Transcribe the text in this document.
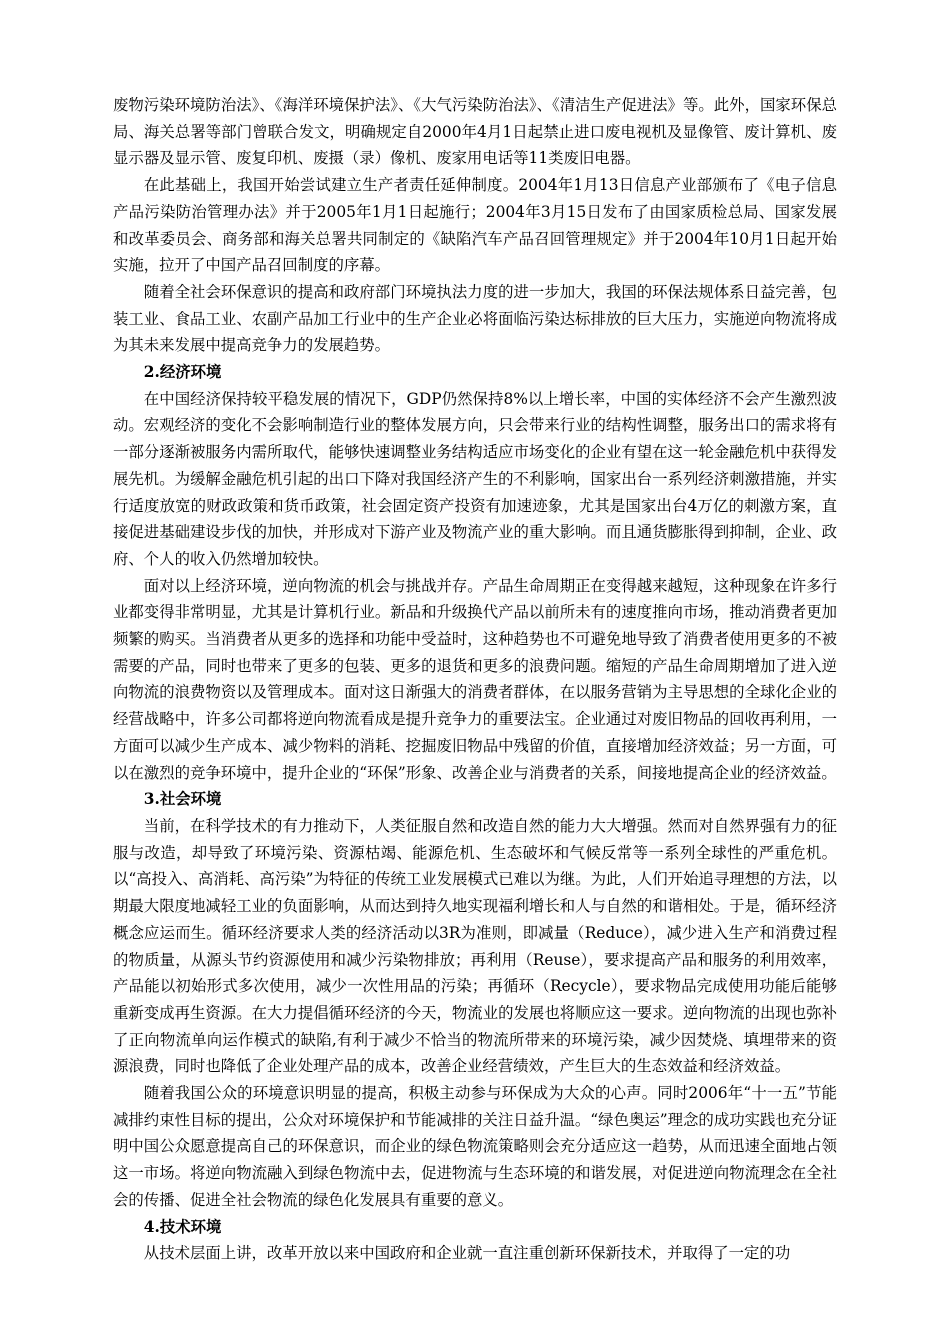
废物污染环境防治法》、《海洋环境保护法》、《大气污染防治法》、《清洁生产促进法》等。此外，国家环保总局、海关总署等部门曾联合发文，明确规定自2000年4月1日起禁止进口废电视机及显像管、废计算机、废显示器及显示管、废复印机、废摄（录）像机、废家用电话等11类废旧电器。

在此基础上，我国开始尝试建立生产者责任延伸制度。2004年1月13日信息产业部颁布了《电子信息产品污染防治管理办法》并于2005年1月1日起施行；2004年3月15日发布了由国家质检总局、国家发展和改革委员会、商务部和海关总署共同制定的《缺陷汽车产品召回管理规定》并于2004年10月1日起开始实施，拉开了中国产品召回制度的序幕。

随着全社会环保意识的提高和政府部门环境执法力度的进一步加大，我国的环保法规体系日益完善，包装工业、食品工业、农副产品加工行业中的生产企业必将面临污染达标排放的巨大压力，实施逆向物流将成为其未来发展中提高竞争力的发展趋势。

2.经济环境

在中国经济保持较平稳发展的情况下，GDP仍然保持8%以上增长率，中国的实体经济不会产生激烈波动。宏观经济的变化不会影响制造行业的整体发展方向，只会带来行业的结构性调整，服务出口的需求将有一部分逐渐被服务内需所取代，能够快速调整业务结构适应市场变化的企业有望在这一轮金融危机中获得发展先机。为缓解金融危机引起的出口下降对我国经济产生的不利影响，国家出台一系列经济刺激措施，并实行适度放宽的财政政策和货币政策，社会固定资产投资有加速迹象，尤其是国家出台4万亿的刺激方案，直接促进基础建设步伐的加快，并形成对下游产业及物流产业的重大影响。而且通货膨胀得到抑制，企业、政府、个人的收入仍然增加较快。

面对以上经济环境，逆向物流的机会与挑战并存。产品生命周期正在变得越来越短，这种现象在许多行业都变得非常明显，尤其是计算机行业。新品和升级换代产品以前所未有的速度推向市场，推动消费者更加频繁的购买。当消费者从更多的选择和功能中受益时，这种趋势也不可避免地导致了消费者使用更多的不被需要的产品，同时也带来了更多的包装、更多的退货和更多的浪费问题。缩短的产品生命周期增加了进入逆向物流的浪费物资以及管理成本。面对这日渐强大的消费者群体，在以服务营销为主导思想的全球化企业的经营战略中，许多公司都将逆向物流看成是提升竞争力的重要法宝。企业通过对废旧物品的回收再利用，一方面可以减少生产成本、减少物料的消耗、挖掘废旧物品中残留的价值，直接增加经济效益；另一方面，可以在激烈的竞争环境中，提升企业的“环保”形象、改善企业与消费者的关系，间接地提高企业的经济效益。

3.社会环境

当前，在科学技术的有力推动下，人类征服自然和改造自然的能力大大增强。然而对自然界强有力的征服与改造，却导致了环境污染、资源枯竭、能源危机、生态破坏和气候反常等一系列全球性的严重危机。以“高投入、高消耗、高污染”为特征的传统工业发展模式已难以为继。为此，人们开始追寻理想的方法，以期最大限度地减轻工业的负面影响，从而达到持久地实现福利增长和人与自然的和谐相处。于是，循环经济概念应运而生。循环经济要求人类的经济活动以3R为准则，即减量（Reduce），减少进入生产和消费过程的物质量，从源头节约资源使用和减少污染物排放；再利用（Reuse），要求提高产品和服务的利用效率，产品能以初始形式多次使用，减少一次性用品的污染；再循环（Recycle），要求物品完成使用功能后能够重新变成再生资源。在大力提倡循环经济的今天，物流业的发展也将顺应这一要求。逆向物流的出现也弥补了正向物流单向运作模式的缺陷,有利于减少不恰当的物流所带来的环境污染，减少因焚烧、填埋带来的资源浪费，同时也降低了企业处理产品的成本，改善企业经营绩效，产生巨大的生态效益和经济效益。

随着我国公众的环境意识明显的提高，积极主动参与环保成为大众的心声。同时2006年“十一五”节能减排约束性目标的提出，公众对环境保护和节能减排的关注日益升温。“绿色奥运”理念的成功实践也充分证明中国公众愿意提高自己的环保意识，而企业的绿色物流策略则会充分适应这一趋势，从而迅速全面地占领这一市场。将逆向物流融入到绿色物流中去，促进物流与生态环境的和谐发展，对促进逆向物流理念在全社会的传播、促进全社会物流的绿色化发展具有重要的意义。

4.技术环境

从技术层面上讲，改革开放以来中国政府和企业就一直注重创新环保新技术，并取得了一定的功
